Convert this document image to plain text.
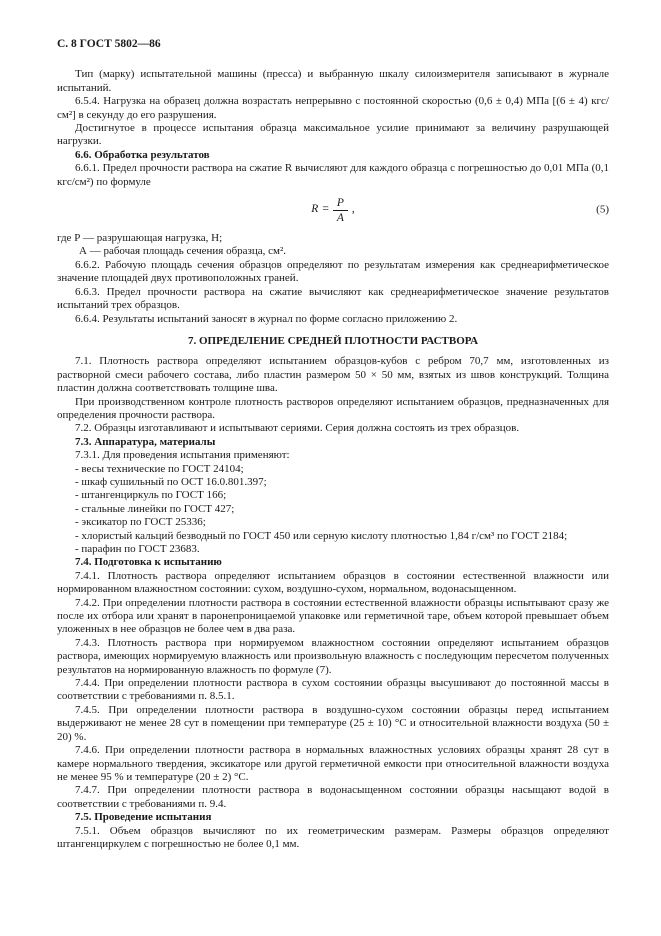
С. 8 ГОСТ 5802—86

Тип (марку) испытательной машины (пресса) и выбранную шкалу силоизмерителя записывают в журнале испытаний.

6.5.4. Нагрузка на образец должна возрастать непрерывно с постоянной скоростью (0,6 ± 0,4) МПа [(6 ± 4) кгс/см²] в секунду до его разрушения.

Достигнутое в процессе испытания образца максимальное усилие принимают за величину разрушающей нагрузки.

6.6. Обработка результатов

6.6.1. Предел прочности раствора на сжатие R вычисляют для каждого образца с погрешностью до 0,01 МПа (0,1 кгс/см²) по формуле

$R = \frac{P}{A}$ ,	(5)

где Р — разрушающая нагрузка, Н;

А — рабочая площадь сечения образца, см².

6.6.2. Рабочую площадь сечения образцов определяют по результатам измерения как среднеарифметическое значение площадей двух противоположных граней.

6.6.3. Предел прочности раствора на сжатие вычисляют как среднеарифметическое значение результатов испытаний трех образцов.

6.6.4. Результаты испытаний заносят в журнал по форме согласно приложению 2.

7. ОПРЕДЕЛЕНИЕ СРЕДНЕЙ ПЛОТНОСТИ РАСТВОРА

7.1. Плотность раствора определяют испытанием образцов-кубов с ребром 70,7 мм, изготовленных из растворной смеси рабочего состава, либо пластин размером 50 × 50 мм, взятых из швов конструкций. Толщина пластин должна соответствовать толщине шва.

При производственном контроле плотность растворов определяют испытанием образцов, предназначенных для определения прочности раствора.

7.2. Образцы изготавливают и испытывают сериями. Серия должна состоять из трех образцов.

7.3. Аппаратура, материалы

7.3.1. Для проведения испытания применяют:

- весы технические по ГОСТ 24104;

- шкаф сушильный по ОСТ 16.0.801.397;

- штангенциркуль по ГОСТ 166;

- стальные линейки по ГОСТ 427;

- эксикатор по ГОСТ 25336;

- хлористый кальций безводный по ГОСТ 450 или серную кислоту плотностью 1,84 г/см³ по ГОСТ 2184;

- парафин по ГОСТ 23683.

7.4. Подготовка к испытанию

7.4.1. Плотность раствора определяют испытанием образцов в состоянии естественной влажности или нормированном влажностном состоянии: сухом, воздушно-сухом, нормальном, водонасыщенном.

7.4.2. При определении плотности раствора в состоянии естественной влажности образцы испытывают сразу же после их отбора или хранят в паронепроницаемой упаковке или герметичной таре, объем которой превышает объем уложенных в нее образцов не более чем в два раза.

7.4.3. Плотность раствора при нормируемом влажностном состоянии определяют испытанием образцов раствора, имеющих нормируемую влажность или произвольную влажность с последующим пересчетом полученных результатов на нормированную влажность по формуле (7).

7.4.4. При определении плотности раствора в сухом состоянии образцы высушивают до постоянной массы в соответствии с требованиями п. 8.5.1.

7.4.5. При определении плотности раствора в воздушно-сухом состоянии образцы перед испытанием выдерживают не менее 28 сут в помещении при температуре (25 ± 10) °С и относительной влажности воздуха (50 ± 20) %.

7.4.6. При определении плотности раствора в нормальных влажностных условиях образцы хранят 28 сут в камере нормального твердения, эксикаторе или другой герметичной емкости при относительной влажности воздуха не менее 95 % и температуре (20 ± 2) °С.

7.4.7. При определении плотности раствора в водонасыщенном состоянии образцы насыщают водой в соответствии с требованиями п. 9.4.

7.5. Проведение испытания

7.5.1. Объем образцов вычисляют по их геометрическим размерам. Размеры образцов определяют штангенциркулем с погрешностью не более 0,1 мм.
